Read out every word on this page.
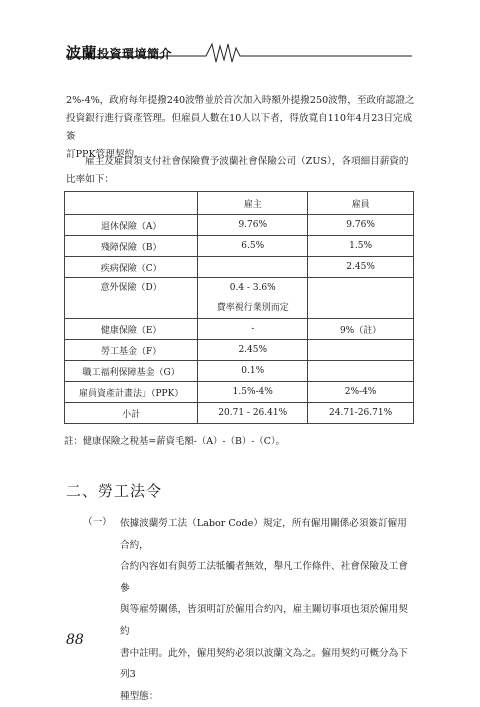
波蘭投資環境簡介
2%-4%，政府每年提撥240波幣並於首次加入時額外提撥250波幣，至政府認證之
投資銀行進行資產管理。但雇員人數在10人以下者，得放寬自110年4月23日完成簽
訂PPK管理契約。
雇主及雇員須支付社會保險費予波蘭社會保險公司（ZUS），各項細目薪資的
比率如下：
	雇主	雇員
退休保險（A）	9.76%	9.76%
殘障保險（B）	6.5%	1.5%
疾病保險（C）		2.45%
意外保險（D）	0.4 - 3.6%
費率視行業別而定	

健康保險（E）	-	9%（註）
勞工基金（F）	2.45%	
職工福利保障基金（G）	0.1%	
雇員資產計畫法」（PPK）	1.5%-4%	2%-4%
小計	20.71 - 26.41%	24.71-26.71%
註：健康保險之稅基=薪資毛額-（A）-（B）-（C）。
二、勞工法令
（一） 依據波蘭勞工法（Labor Code）規定，所有僱用關係必須簽訂僱用合約，
合約內容如有與勞工法牴觸者無效，舉凡工作條件、社會保險及工會參
與等雇勞關係，皆須明訂於僱用合約內，雇主關切事項也須於僱用契約
書中註明。此外，僱用契約必須以波蘭文為之。僱用契約可概分為下列3
種型態：
88
